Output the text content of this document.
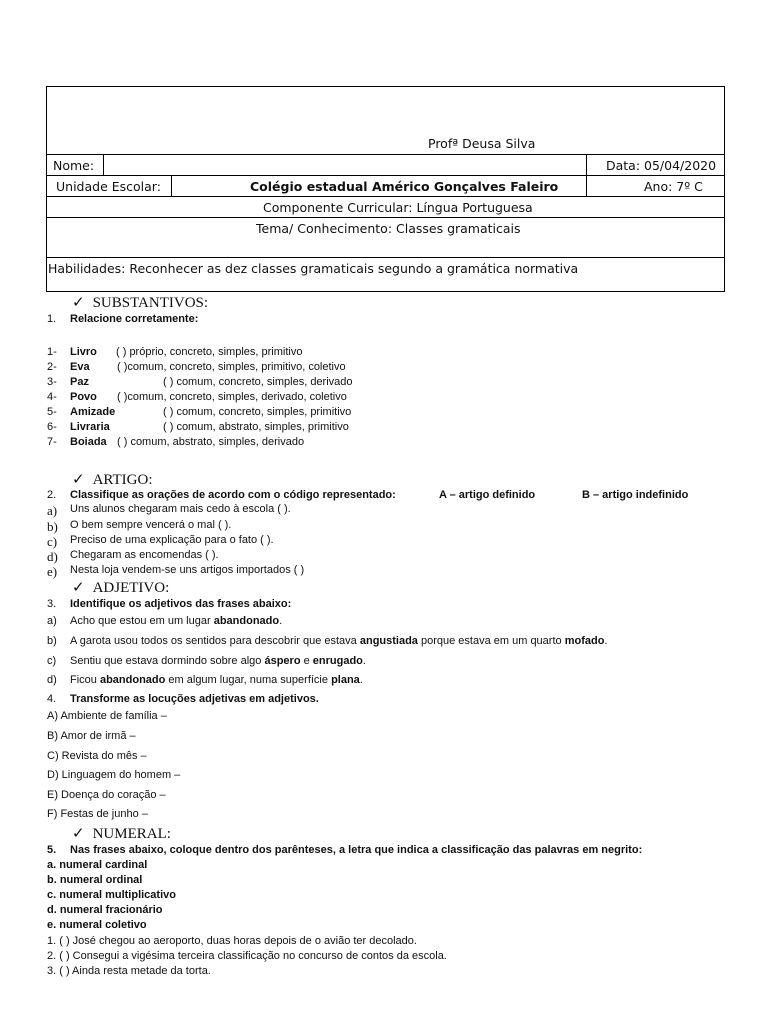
Profª Deusa Silva
Nome:	Data: 05/04/2020
Unidade Escolar:	Colégio estadual Américo Gonçalves Faleiro	Ano: 7º C
Componente Curricular: Língua Portuguesa
Tema/ Conhecimento: Classes gramaticais
Habilidades: Reconhecer as dez classes gramaticais segundo a gramática normativa
✓ SUBSTANTIVOS:
1. Relacione corretamente:
1- Livro ( ) próprio, concreto, simples, primitivo
2- Eva ( )comum, concreto, simples, primitivo, coletivo
3- Paz	( ) comum, concreto, simples, derivado
4- Povo ( )comum, concreto, simples, derivado, coletivo
5- Amizade	( ) comum, concreto, simples, primitivo
6- Livraria	( ) comum, abstrato, simples, primitivo
7- Boiada ( ) comum, abstrato, simples, derivado
✓ ARTIGO:
2. Classifique as orações de acordo com o código representado:	A – artigo definido	B – artigo indefinido
a) Uns alunos chegaram mais cedo à escola ( ).
b) O bem sempre vencerá o mal ( ).
c) Preciso de uma explicação para o fato ( ).
d) Chegaram as encomendas ( ).
e) Nesta loja vendem-se uns artigos importados ( )
✓ ADJETIVO:
3. Identifique os adjetivos das frases abaixo:
a) Acho que estou em um lugar abandonado.
b) A garota usou todos os sentidos para descobrir que estava angustiada porque estava em um quarto mofado.
c) Sentiu que estava dormindo sobre algo áspero e enrugado.
d) Ficou abandonado em algum lugar, numa superfície plana.
4. Transforme as locuções adjetivas em adjetivos.
A) Ambiente de família –
B) Amor de irmã –
C) Revista do mês –
D) Linguagem do homem –
E) Doença do coração –
F) Festas de junho –
✓ NUMERAL:
5. Nas frases abaixo, coloque dentro dos parênteses, a letra que indica a classificação das palavras em negrito:
a. numeral cardinal
b. numeral ordinal
c. numeral multiplicativo
d. numeral fracionário
e. numeral coletivo
1. ( ) José chegou ao aeroporto, duas horas depois de o avião ter decolado.
2. ( ) Consegui a vigésima terceira classificação no concurso de contos da escola.
3. ( ) Ainda resta metade da torta.
